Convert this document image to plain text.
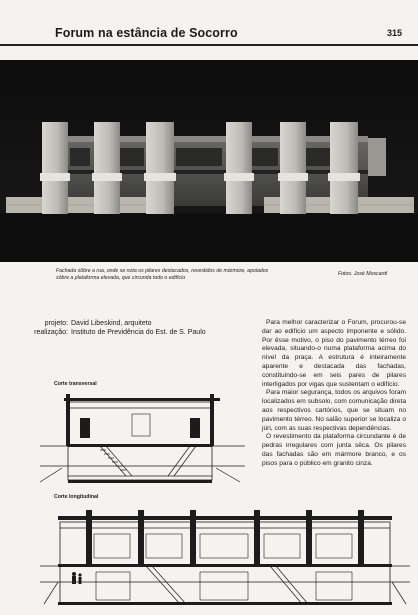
Forum na estância de Socorro	315
Fachada sôbre a rua, onde se nota os pilares destacados, revestidos de mármore, apoiados sôbre a plataforma elevada, que circunda todo o edifício
Fotos. José Moscardi
projeto: David Libeskind, arquiteto
realização: Instituto de Previdência do Est. de S. Paulo

Para melhor caracterizar o Forum, procurou-se dar ao edifício um aspecto imponente e sólido. Por êsse motivo, o piso do pavimento térreo foi elevada, situando-o numa plataforma acima do nível da praça. A estrutura é inteiramente aparente e destacada das fachadas, constituindo-se em seis pares de pilares interligados por vigas que sustentam o edifício.

Para maior segurança, todos os arquivos foram localizados em subsolo, com comunicação direta aos respectivos cartórios, que se situam no pavimento térreo. No salão superior se localiza o júri, com as suas respectivas dependências.

O revestimento da plataforma circundante é de pedras irregulares com junta sêca. Os pilares das fachadas são em mármore branco, e os pisos para o público em granito cinza.

Corte transversal
Corte longitudinal
